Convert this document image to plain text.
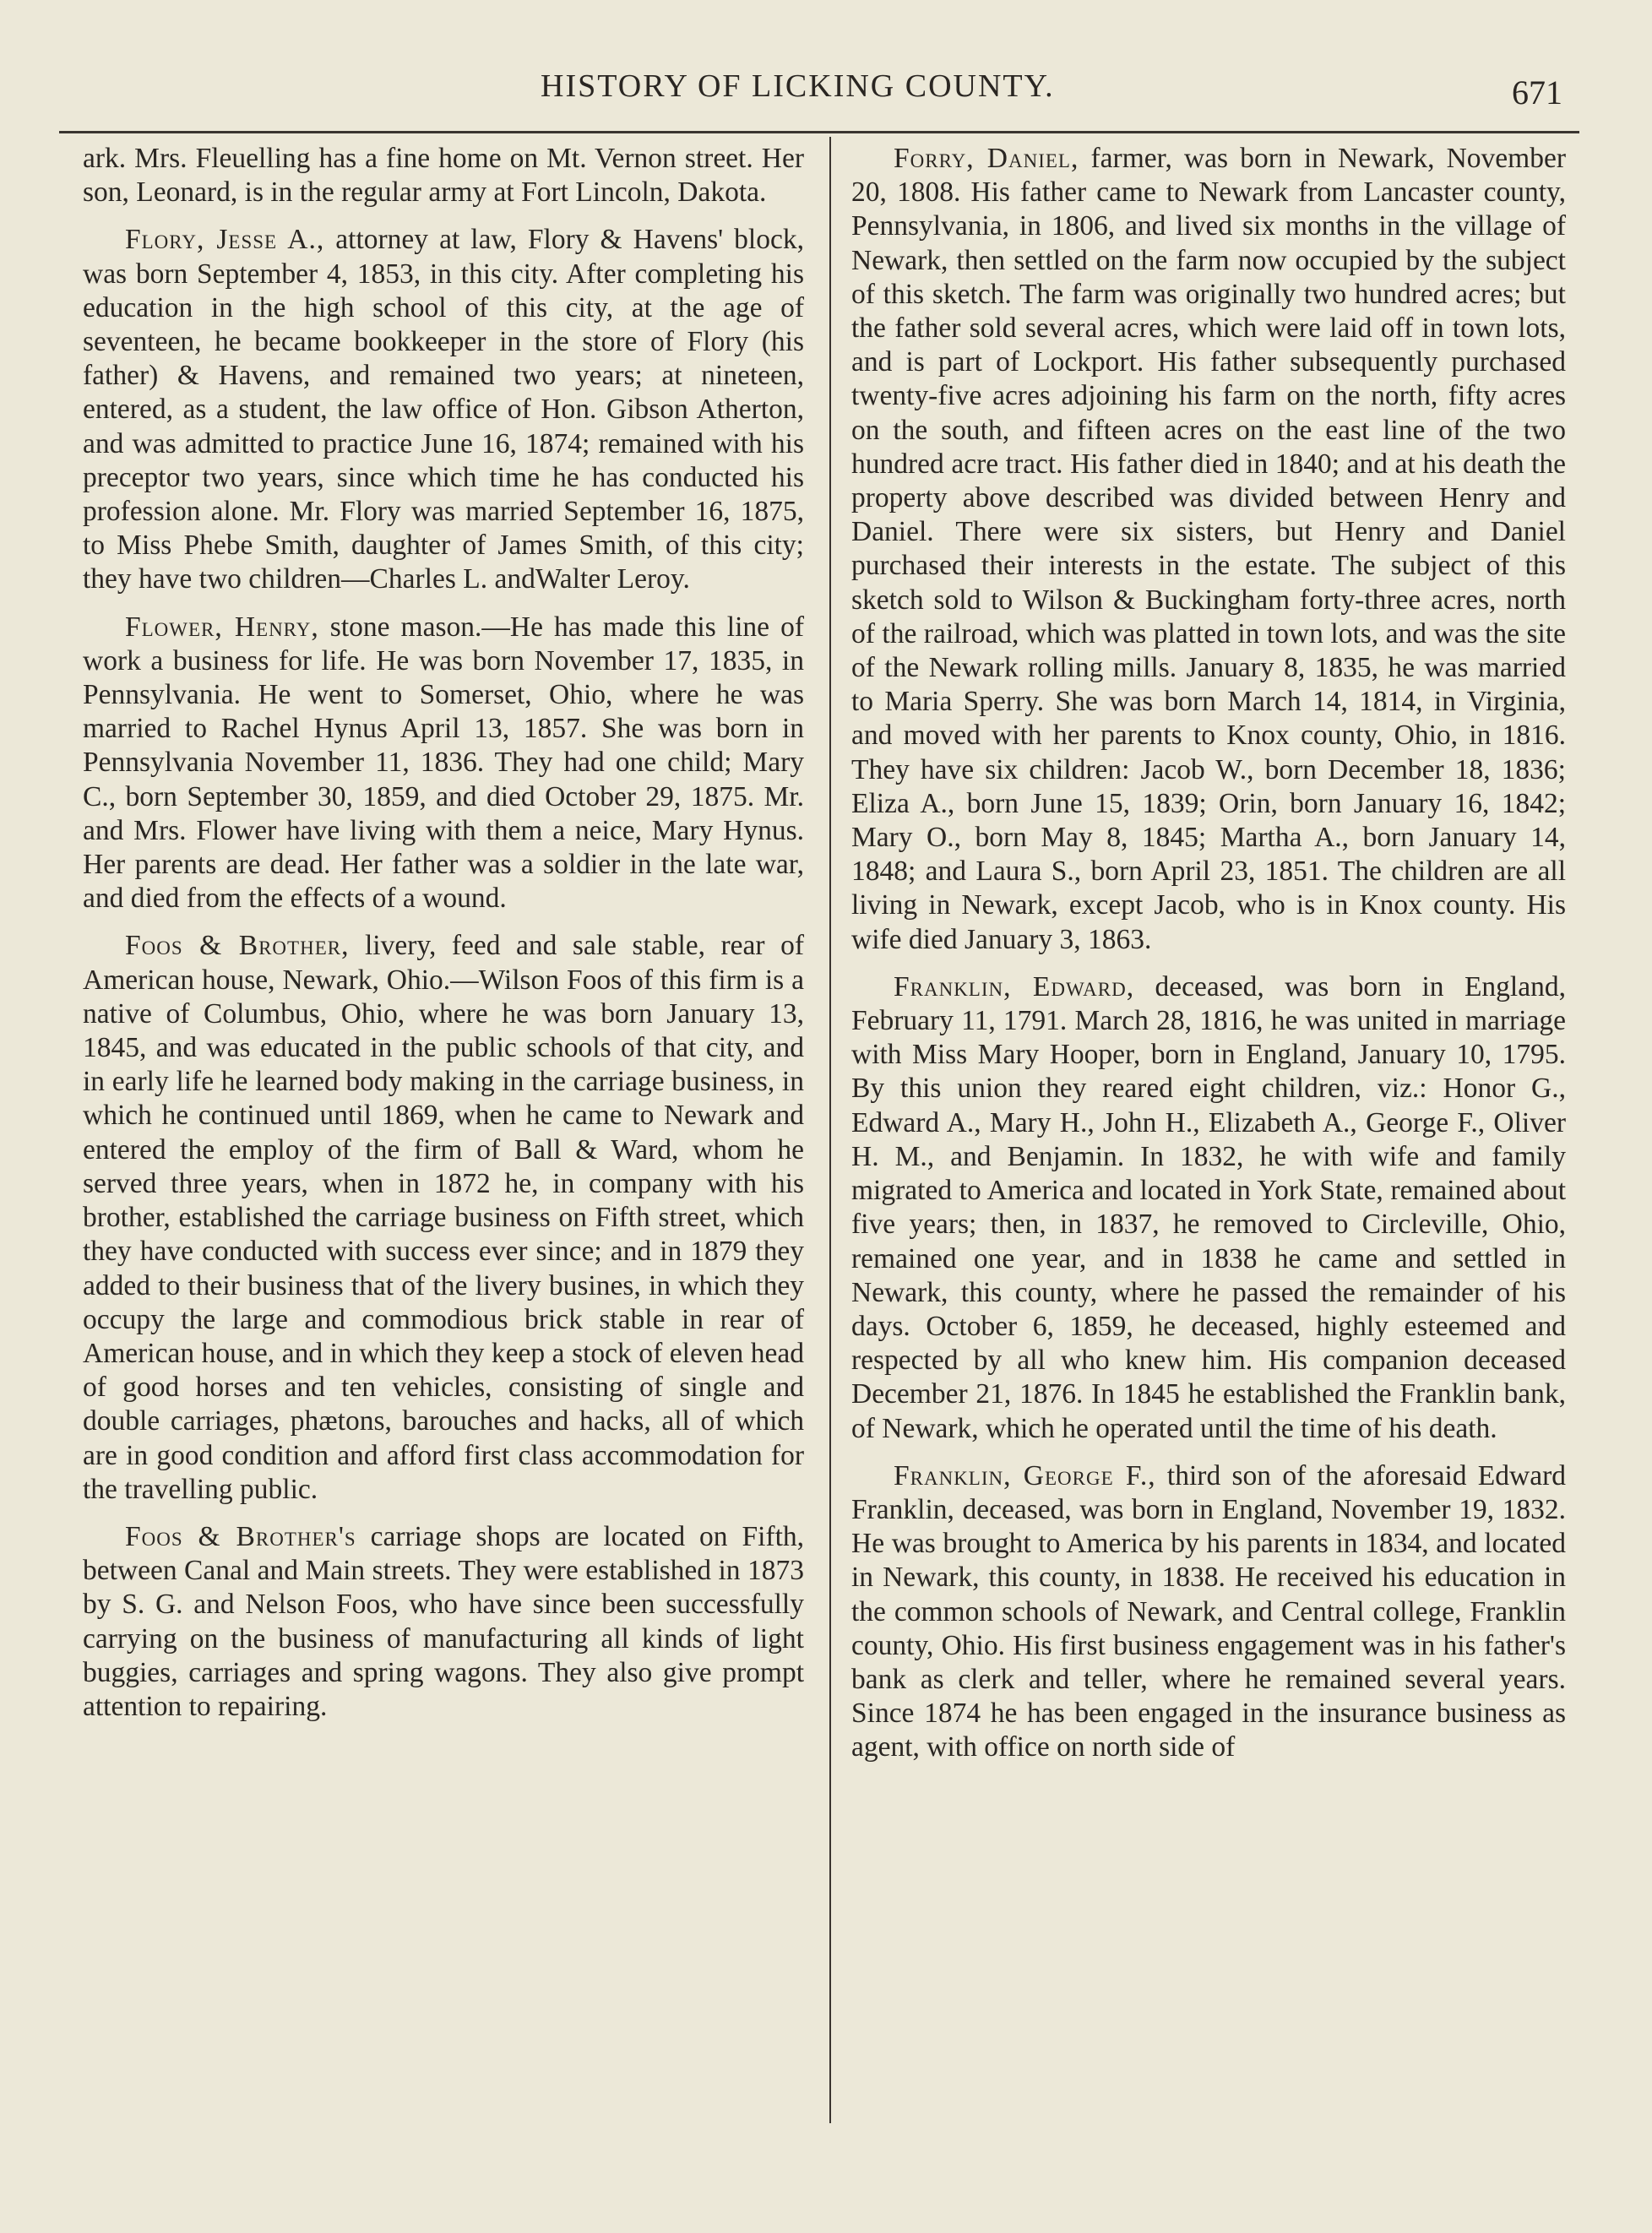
HISTORY OF LICKING COUNTY.	671

ark. Mrs. Fleuelling has a fine home on Mt. Vernon street. Her son, Leonard, is in the regular army at Fort Lincoln, Dakota.

Flory, Jesse A., attorney at law, Flory & Havens' block, was born September 4, 1853, in this city. After completing his education in the high school of this city, at the age of seventeen, he became bookkeeper in the store of Flory (his father) & Havens, and remained two years; at nineteen, entered, as a student, the law office of Hon. Gibson Atherton, and was admitted to practice June 16, 1874; remained with his preceptor two years, since which time he has conducted his profession alone. Mr. Flory was married September 16, 1875, to Miss Phebe Smith, daughter of James Smith, of this city; they have two children—Charles L. andWalter Leroy.

Flower, Henry, stone mason.—He has made this line of work a business for life. He was born November 17, 1835, in Pennsylvania. He went to Somerset, Ohio, where he was married to Rachel Hynus April 13, 1857. She was born in Pennsylvania November 11, 1836. They had one child; Mary C., born September 30, 1859, and died October 29, 1875. Mr. and Mrs. Flower have living with them a neice, Mary Hynus. Her parents are dead. Her father was a soldier in the late war, and died from the effects of a wound.

Foos & Brother, livery, feed and sale stable, rear of American house, Newark, Ohio.—Wilson Foos of this firm is a native of Columbus, Ohio, where he was born January 13, 1845, and was educated in the public schools of that city, and in early life he learned body making in the carriage business, in which he continued until 1869, when he came to Newark and entered the employ of the firm of Ball & Ward, whom he served three years, when in 1872 he, in company with his brother, established the carriage business on Fifth street, which they have conducted with success ever since; and in 1879 they added to their business that of the livery busines, in which they occupy the large and commodious brick stable in rear of American house, and in which they keep a stock of eleven head of good horses and ten vehicles, consisting of single and double carriages, phætons, barouches and hacks, all of which are in good condition and afford first class accommodation for the travelling public.

Foos & Brother's carriage shops are located on Fifth, between Canal and Main streets. They were established in 1873 by S. G. and Nelson Foos, who have since been successfully carrying on the business of manufacturing all kinds of light buggies, carriages and spring wagons. They also give prompt attention to repairing.

Forry, Daniel, farmer, was born in Newark, November 20, 1808. His father came to Newark from Lancaster county, Pennsylvania, in 1806, and lived six months in the village of Newark, then settled on the farm now occupied by the subject of this sketch. The farm was originally two hundred acres; but the father sold several acres, which were laid off in town lots, and is part of Lockport. His father subsequently purchased twenty-five acres adjoining his farm on the north, fifty acres on the south, and fifteen acres on the east line of the two hundred acre tract. His father died in 1840; and at his death the property above described was divided between Henry and Daniel. There were six sisters, but Henry and Daniel purchased their interests in the estate. The subject of this sketch sold to Wilson & Buckingham forty-three acres, north of the railroad, which was platted in town lots, and was the site of the Newark rolling mills. January 8, 1835, he was married to Maria Sperry. She was born March 14, 1814, in Virginia, and moved with her parents to Knox county, Ohio, in 1816. They have six children: Jacob W., born December 18, 1836; Eliza A., born June 15, 1839; Orin, born January 16, 1842; Mary O., born May 8, 1845; Martha A., born January 14, 1848; and Laura S., born April 23, 1851. The children are all living in Newark, except Jacob, who is in Knox county. His wife died January 3, 1863.

Franklin, Edward, deceased, was born in England, February 11, 1791. March 28, 1816, he was united in marriage with Miss Mary Hooper, born in England, January 10, 1795. By this union they reared eight children, viz.: Honor G., Edward A., Mary H., John H., Elizabeth A., George F., Oliver H. M., and Benjamin. In 1832, he with wife and family migrated to America and located in York State, remained about five years; then, in 1837, he removed to Circleville, Ohio, remained one year, and in 1838 he came and settled in Newark, this county, where he passed the remainder of his days. October 6, 1859, he deceased, highly esteemed and respected by all who knew him. His companion deceased December 21, 1876. In 1845 he established the Franklin bank, of Newark, which he operated until the time of his death.

Franklin, George F., third son of the aforesaid Edward Franklin, deceased, was born in England, November 19, 1832. He was brought to America by his parents in 1834, and located in Newark, this county, in 1838. He received his education in the common schools of Newark, and Central college, Franklin county, Ohio. His first business engagement was in his father's bank as clerk and teller, where he remained several years. Since 1874 he has been engaged in the insurance business as agent, with office on north side of
